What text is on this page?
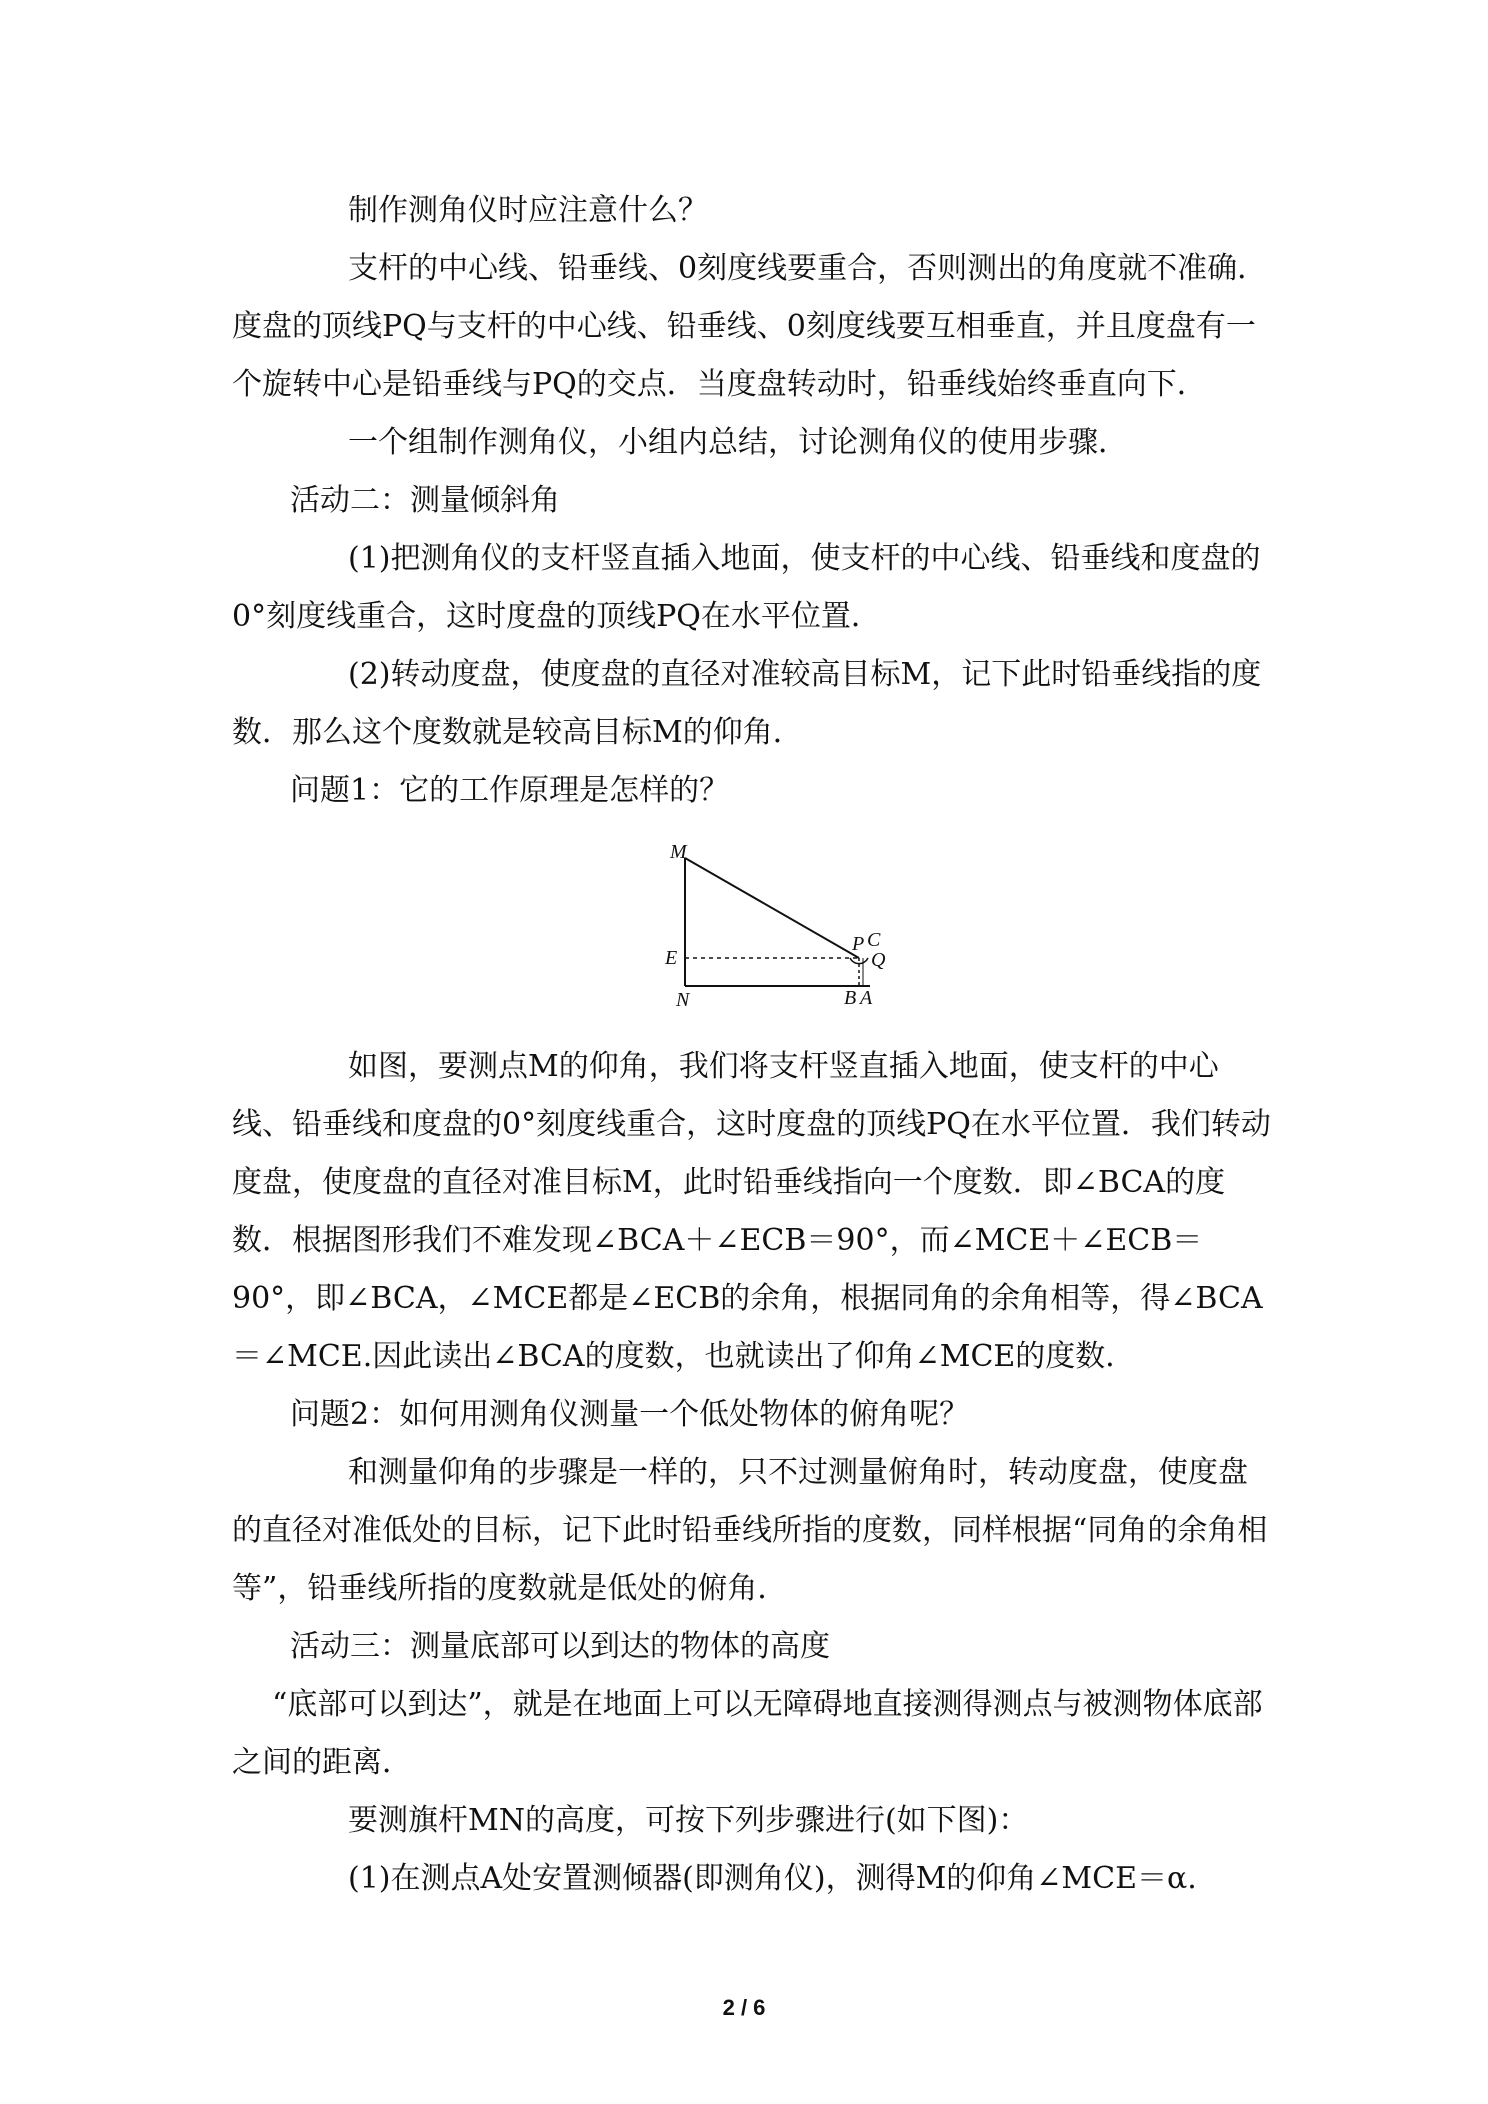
制作测角仪时应注意什么？

支杆的中心线、铅垂线、0刻度线要重合，否则测出的角度就不准确．度盘的顶线PQ与支杆的中心线、铅垂线、0刻度线要互相垂直，并且度盘有一个旋转中心是铅垂线与PQ的交点．当度盘转动时，铅垂线始终垂直向下．

一个组制作测角仪，小组内总结，讨论测角仪的使用步骤．

活动二：测量倾斜角

(1)把测角仪的支杆竖直插入地面，使支杆的中心线、铅垂线和度盘的0°刻度线重合，这时度盘的顶线PQ在水平位置．

(2)转动度盘，使度盘的直径对准较高目标M，记下此时铅垂线指的度数．那么这个度数就是较高目标M的仰角．

问题1：它的工作原理是怎样的？

M
E
N
P C
Q
B A

如图，要测点M的仰角，我们将支杆竖直插入地面，使支杆的中心线、铅垂线和度盘的0°刻度线重合，这时度盘的顶线PQ在水平位置．我们转动度盘，使度盘的直径对准目标M，此时铅垂线指向一个度数．即∠BCA的度数．根据图形我们不难发现∠BCA＋∠ECB＝90°，而∠MCE＋∠ECB＝90°，即∠BCA，∠MCE都是∠ECB的余角，根据同角的余角相等，得∠BCA＝∠MCE.因此读出∠BCA的度数，也就读出了仰角∠MCE的度数．

问题2：如何用测角仪测量一个低处物体的俯角呢？

和测量仰角的步骤是一样的，只不过测量俯角时，转动度盘，使度盘的直径对准低处的目标，记下此时铅垂线所指的度数，同样根据“同角的余角相等”，铅垂线所指的度数就是低处的俯角．

活动三：测量底部可以到达的物体的高度

“底部可以到达”，就是在地面上可以无障碍地直接测得测点与被测物体底部之间的距离．

要测旗杆MN的高度，可按下列步骤进行(如下图)：

(1)在测点A处安置测倾器(即测角仪)，测得M的仰角∠MCE＝α.

2 / 6
